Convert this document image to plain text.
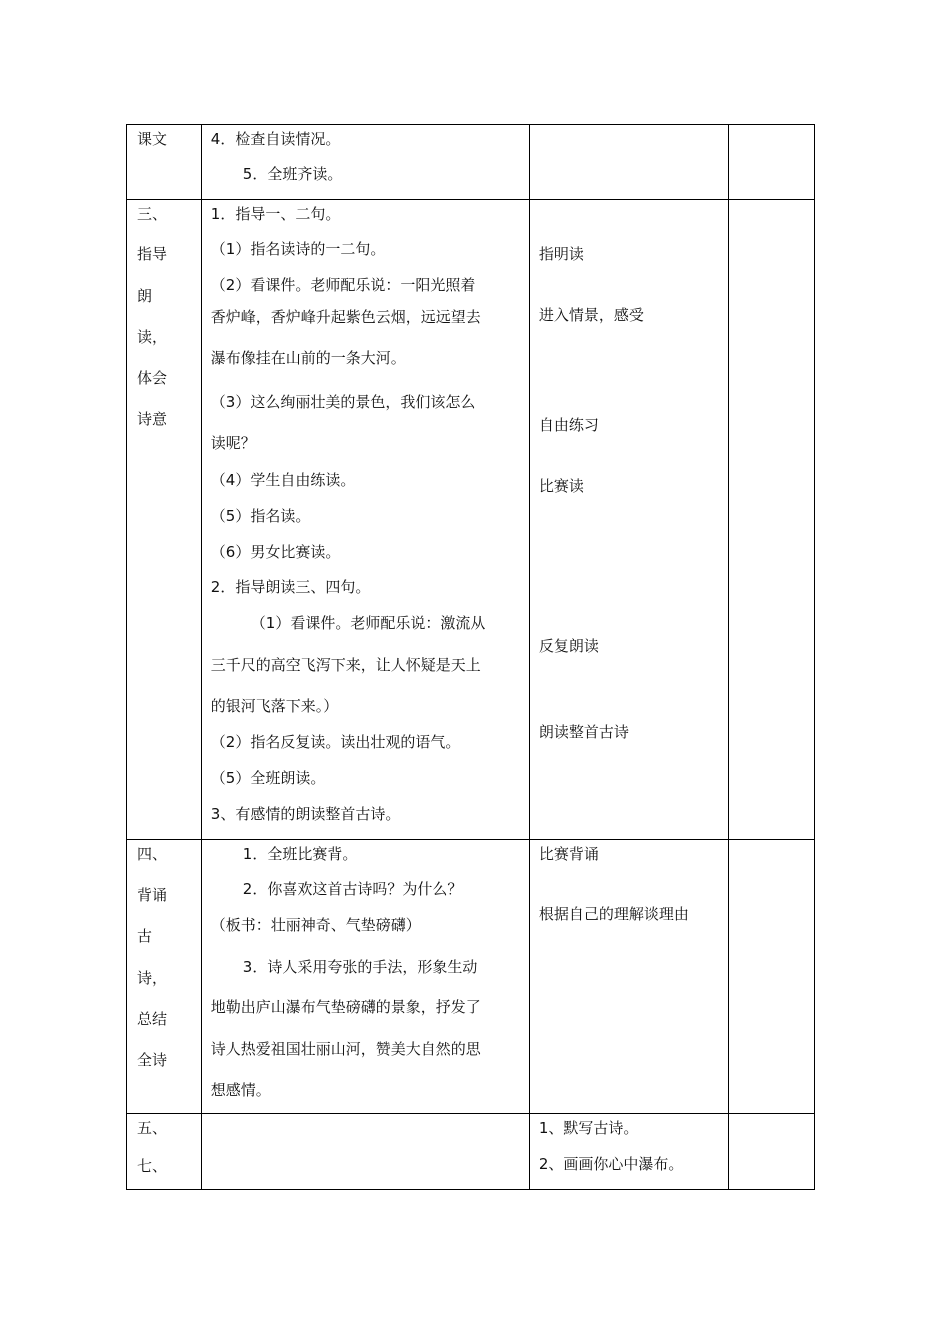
课文	4．检查自读情况。
5．全班齐读。
三、
指导
朗
读，
体会
诗意
1．指导一、二句。
（1）指名读诗的一二句。
（2）看课件。老师配乐说：一阳光照着
香炉峰，香炉峰升起紫色云烟，远远望去
瀑布像挂在山前的一条大河。
（3）这么绚丽壮美的景色，我们该怎么
读呢？
（4）学生自由练读。
（5）指名读。
（6）男女比赛读。
2．指导朗读三、四句。
（1）看课件。老师配乐说：激流从
三千尺的高空飞泻下来，让人怀疑是天上
的银河飞落下来。）
（2）指名反复读。读出壮观的语气。
（5）全班朗读。
3、有感情的朗读整首古诗。
指明读
进入情景，感受
自由练习
比赛读
反复朗读
朗读整首古诗
四、
背诵
古
诗，
总结
全诗
1．全班比赛背。
2．你喜欢这首古诗吗？为什么？
（板书：壮丽神奇、气垫磅礴）
3．诗人采用夸张的手法，形象生动
地勒出庐山瀑布气垫磅礴的景象，抒发了
诗人热爱祖国壮丽山河，赞美大自然的思
想感情。
比赛背诵
根据自己的理解谈理由
五、
七、
1、默写古诗。
2、画画你心中瀑布。
